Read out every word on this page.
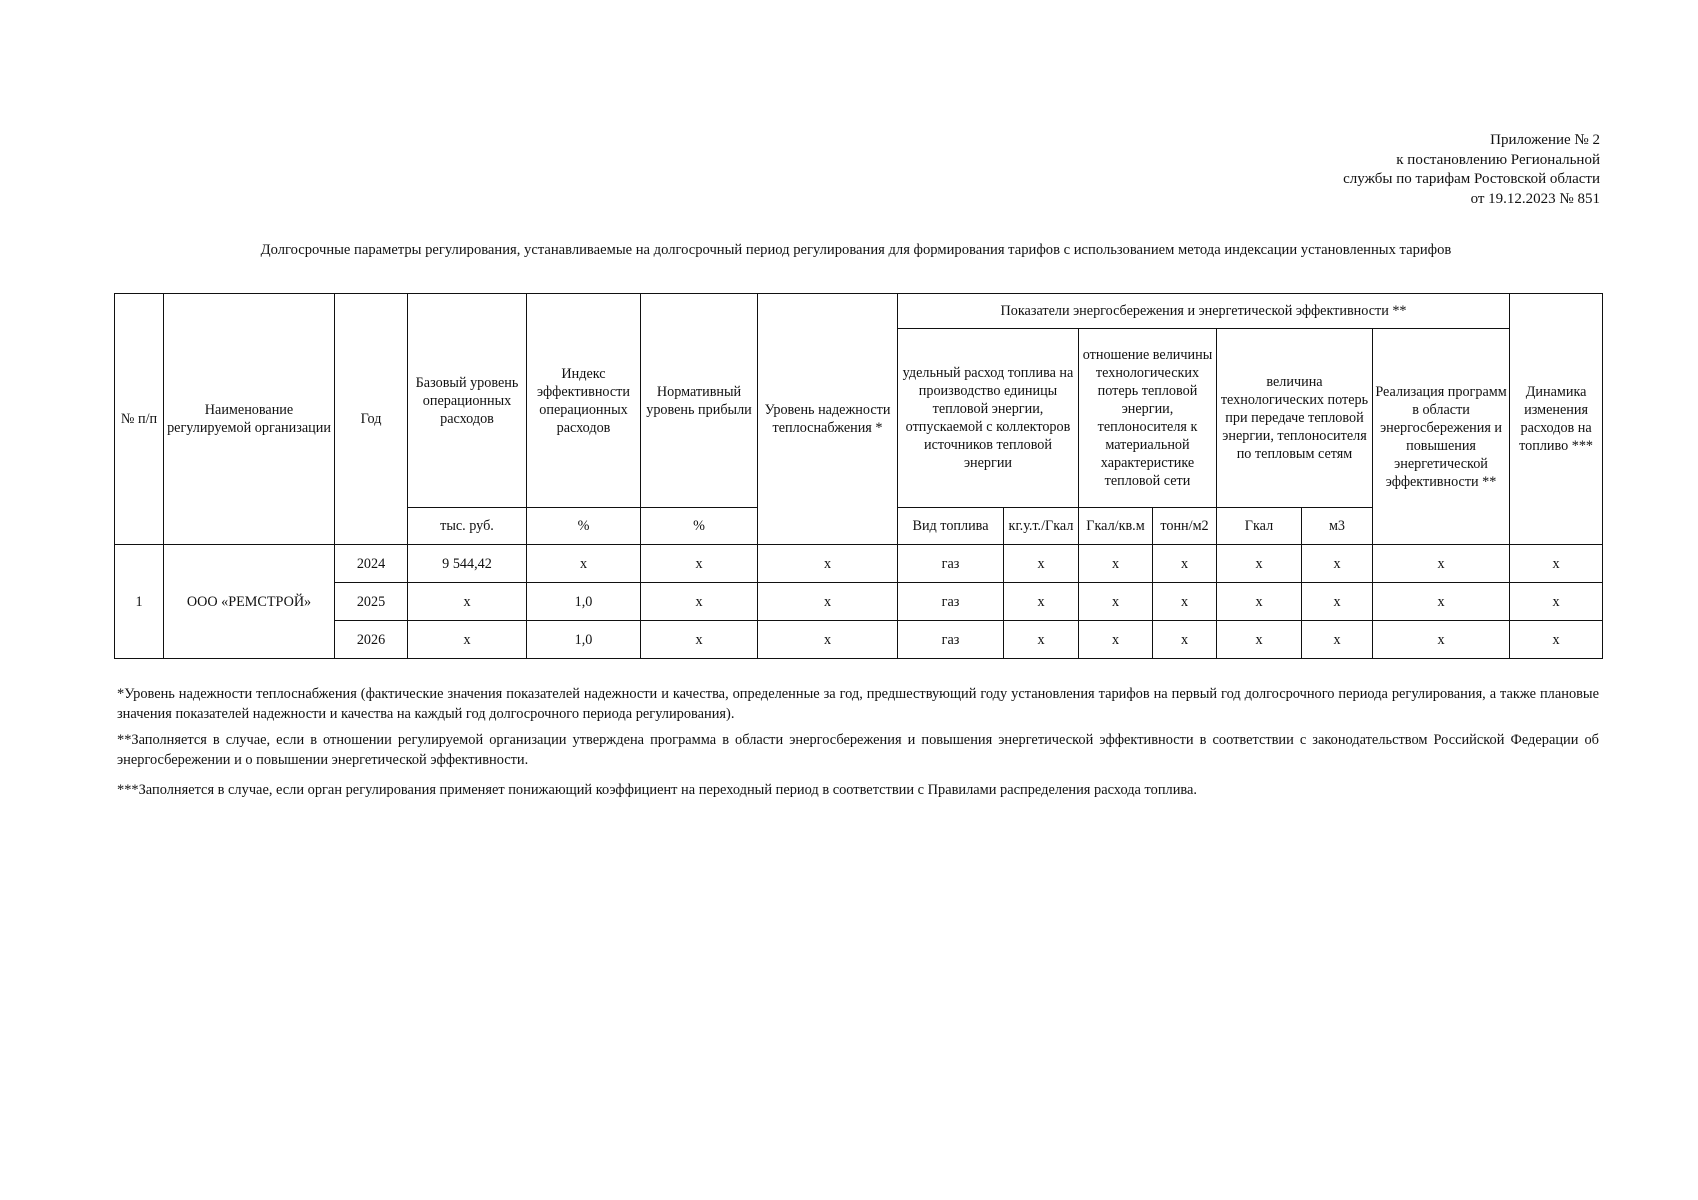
Приложение № 2
к постановлению Региональной
службы по тарифам Ростовской области
от 19.12.2023 № 851
Долгосрочные параметры регулирования, устанавливаемые на долгосрочный период регулирования для формирования тарифов с использованием метода индексации установленных тарифов
№ п/п	Наименование регулируемой организации	Год	Базовый уровень операционных расходов	Индекс эффективности операционных расходов	Нормативный уровень прибыли	Уровень надежности теплоснабжения *	Показатели энергосбережения и энергетической эффективности **							Динамика изменения расходов на топливо ***
							удельный расход топлива на производство единицы тепловой энергии, отпускаемой с коллекторов источников тепловой энергии		отношение величины технологических потерь тепловой энергии, теплоносителя к материальной характеристике тепловой сети		величина технологических потерь при передаче тепловой энергии, теплоносителя по тепловым сетям		Реализация программ в области энергосбережения и повышения энергетической эффективности **	
			тыс. руб.	%	%		Вид топлива	кг.у.т./Гкал	Гкал/кв.м	тонн/м2	Гкал	м3		
1	ООО «РЕМСТРОЙ»	2024	9 544,42	х	х	х	газ	х	х	х	х	х	х	х
		2025	х	1,0	х	х	газ	х	х	х	х	х	х	х
		2026	х	1,0	х	х	газ	х	х	х	х	х	х	х

*Уровень надежности теплоснабжения (фактические значения показателей надежности и качества, определенные за год, предшествующий году установления тарифов на первый год долгосрочного периода регулирования, а также плановые значения показателей надежности и качества на каждый год долгосрочного периода регулирования).

**Заполняется в случае, если в отношении регулируемой организации утверждена программа в области энергосбережения и повышения энергетической эффективности в соответствии с законодательством Российской Федерации об энергосбережении и о повышении энергетической эффективности.

***Заполняется в случае, если орган регулирования применяет понижающий коэффициент на переходный период в соответствии с Правилами распределения расхода топлива.
